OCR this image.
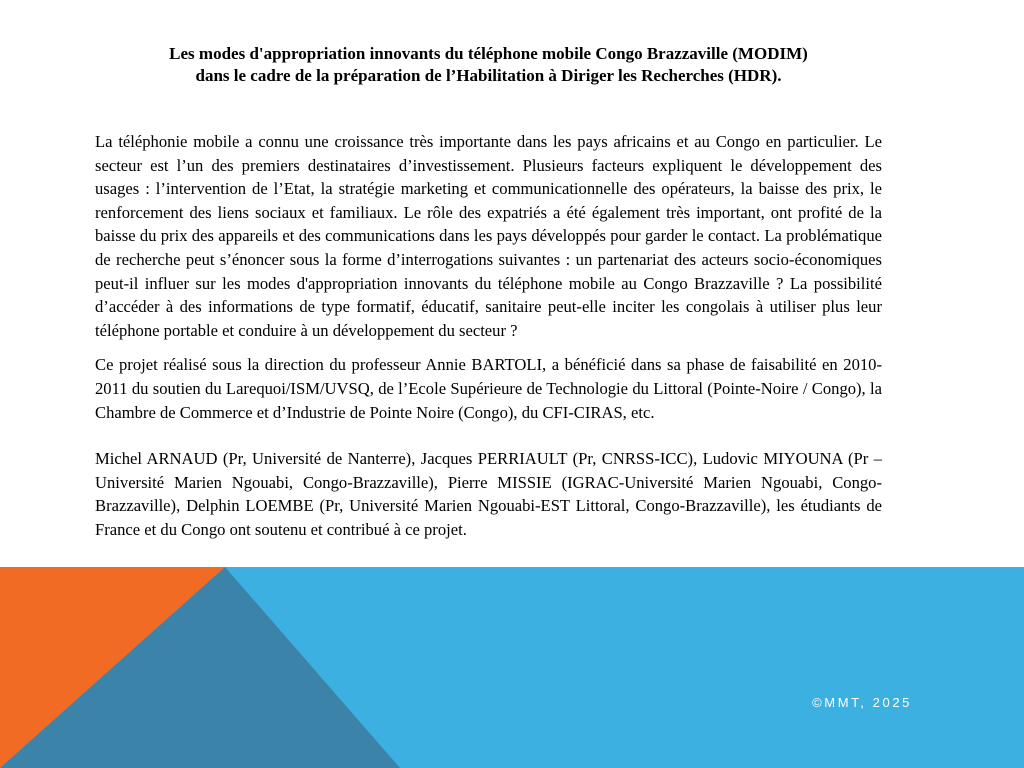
Les modes d'appropriation innovants du téléphone mobile Congo Brazzaville (MODIM)
dans le cadre de la préparation de l’Habilitation à Diriger les Recherches (HDR).

La téléphonie mobile a connu une croissance très importante dans les pays africains et au Congo en particulier. Le secteur est l’un des premiers destinataires d’investissement. Plusieurs facteurs expliquent le développement des usages : l’intervention de l’Etat, la stratégie marketing et communicationnelle des opérateurs, la baisse des prix, le renforcement des liens sociaux et familiaux. Le rôle des expatriés a été également très important, ont profité de la baisse du prix des appareils et des communications dans les pays développés pour garder le contact. La problématique de recherche peut s’énoncer sous la forme d’interrogations suivantes : un partenariat des acteurs socio-économiques peut-il influer sur les modes d'appropriation innovants du téléphone mobile au Congo Brazzaville ? La possibilité d’accéder à des informations de type formatif, éducatif, sanitaire peut-elle inciter les congolais à utiliser plus leur téléphone portable et conduire à un développement du secteur ?

Ce projet réalisé sous la direction du professeur Annie BARTOLI, a bénéficié dans sa phase de faisabilité en 2010- 2011 du soutien du Larequoi/ISM/UVSQ, de l’Ecole Supérieure de Technologie du Littoral (Pointe-Noire / Congo), la Chambre de Commerce et d’Industrie de Pointe Noire (Congo), du CFI-CIRAS, etc.

Michel ARNAUD (Pr, Université de Nanterre), Jacques PERRIAULT (Pr, CNRSS-ICC), Ludovic MIYOUNA (Pr – Université Marien Ngouabi, Congo-Brazzaville), Pierre MISSIE (IGRAC-Université Marien Ngouabi, Congo-Brazzaville), Delphin LOEMBE (Pr, Université Marien Ngouabi-EST Littoral, Congo-Brazzaville), les étudiants de France et du Congo ont soutenu et contribué à ce projet.

©MMT, 2025
